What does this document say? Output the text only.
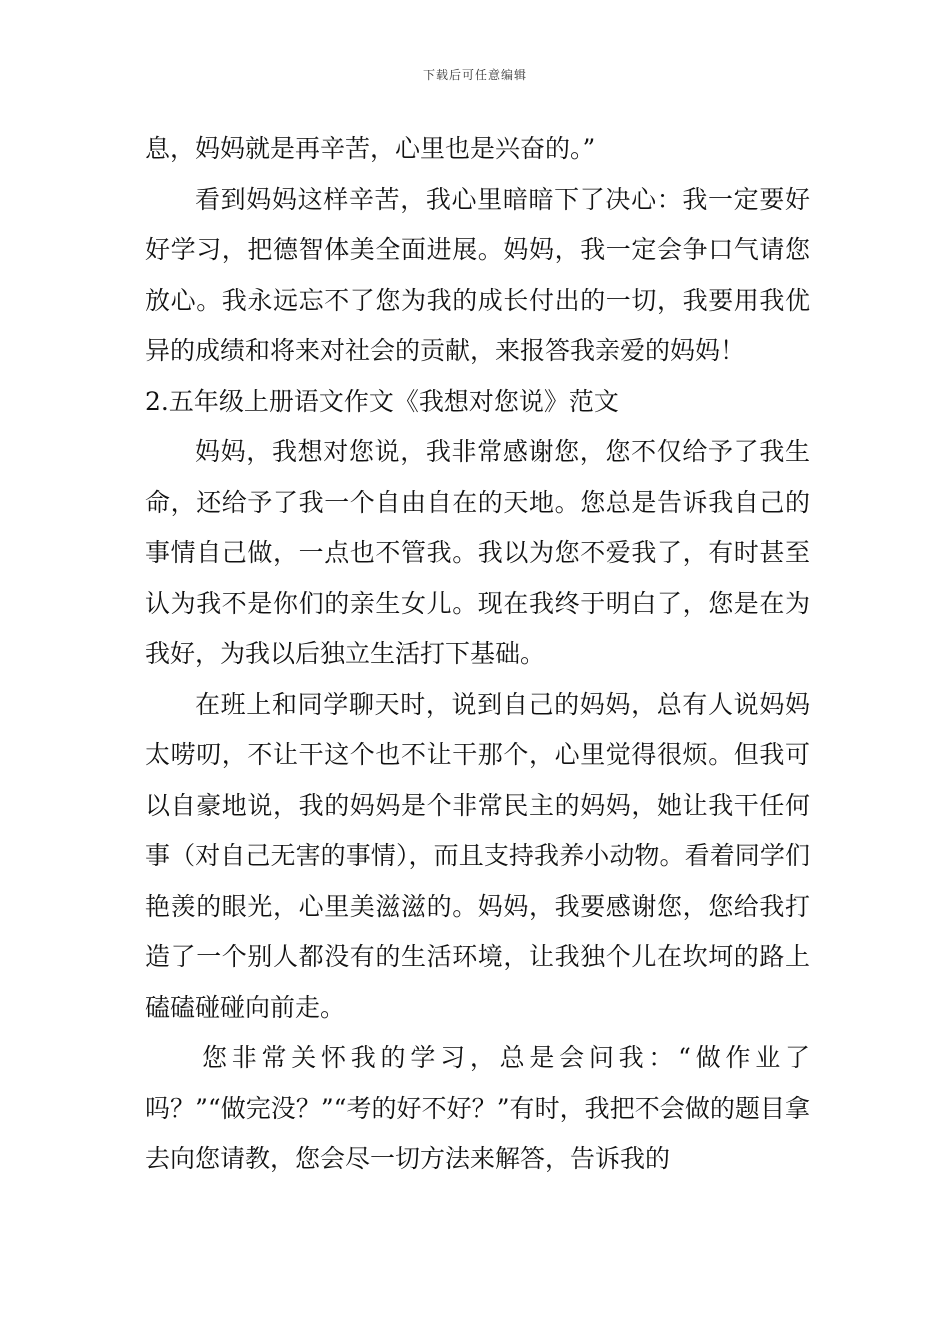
下载后可任意编辑

息，妈妈就是再辛苦，心里也是兴奋的。”

看到妈妈这样辛苦，我心里暗暗下了决心：我一定要好好学习，把德智体美全面进展。妈妈，我一定会争口气请您放心。我永远忘不了您为我的成长付出的一切，我要用我优异的成绩和将来对社会的贡献，来报答我亲爱的妈妈！

2.五年级上册语文作文《我想对您说》范文

妈妈，我想对您说，我非常感谢您，您不仅给予了我生命，还给予了我一个自由自在的天地。您总是告诉我自己的事情自己做，一点也不管我。我以为您不爱我了，有时甚至认为我不是你们的亲生女儿。现在我终于明白了，您是在为我好，为我以后独立生活打下基础。

在班上和同学聊天时，说到自己的妈妈，总有人说妈妈太唠叨，不让干这个也不让干那个，心里觉得很烦。但我可以自豪地说，我的妈妈是个非常民主的妈妈，她让我干任何事（对自己无害的事情），而且支持我养小动物。看着同学们艳羡的眼光，心里美滋滋的。妈妈，我要感谢您，您给我打造了一个别人都没有的生活环境，让我独个儿在坎坷的路上磕磕碰碰向前走。

您非常关怀我的学习，总是会问我：“做作业了吗？”“做完没？”“考的好不好？”有时，我把不会做的题目拿去向您请教，您会尽一切方法来解答，告诉我的
